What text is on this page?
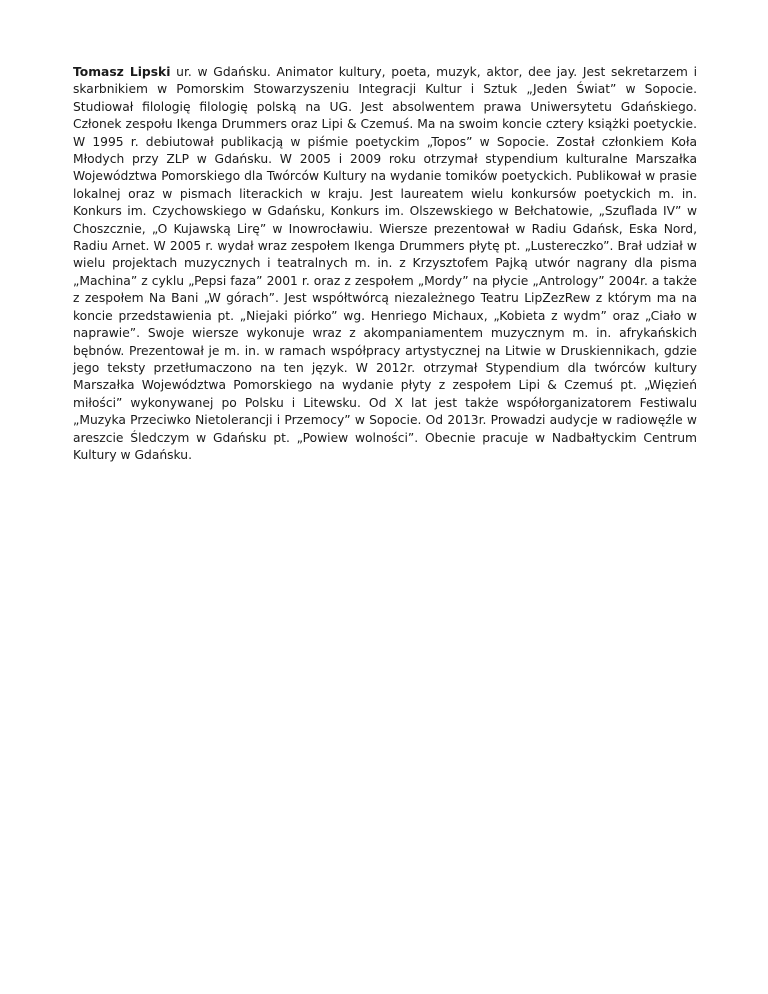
Tomasz Lipski ur. w Gdańsku. Animator kultury, poeta, muzyk, aktor, dee jay. Jest sekretarzem i skarbnikiem w Pomorskim Stowarzyszeniu Integracji Kultur i Sztuk „Jeden Świat” w Sopocie. Studiował filologię filologię polską na UG. Jest absolwentem prawa Uniwersytetu Gdańskiego. Członek zespołu Ikenga Drummers oraz Lipi & Czemuś. Ma na swoim koncie cztery książki poetyckie. W 1995 r. debiutował publikacją w piśmie poetyckim „Topos” w Sopocie. Został członkiem Koła Młodych przy ZLP w Gdańsku. W 2005 i 2009 roku otrzymał stypendium kulturalne Marszałka Województwa Pomorskiego dla Twórców Kultury na wydanie tomików poetyckich. Publikował w prasie lokalnej oraz w pismach literackich w kraju. Jest laureatem wielu konkursów poetyckich m. in. Konkurs im. Czychowskiego w Gdańsku, Konkurs im. Olszewskiego w Bełchatowie, „Szuflada IV” w Choszcznie, „O Kujawską Lirę” w Inowrocławiu. Wiersze prezentował w Radiu Gdańsk, Eska Nord, Radiu Arnet. W 2005 r. wydał wraz zespołem Ikenga Drummers płytę pt. „Lustereczko”. Brał udział w wielu projektach muzycznych i teatralnych m. in. z Krzysztofem Pajką utwór nagrany dla pisma „Machina” z cyklu „Pepsi faza” 2001 r. oraz z zespołem „Mordy” na płycie „Antrology” 2004r. a także z zespołem Na Bani „W górach”. Jest współtwórcą niezależnego Teatru LipZezRew z którym ma na koncie przedstawienia pt. „Niejaki piórko” wg. Henriego Michaux, „Kobieta z wydm” oraz „Ciało w naprawie”. Swoje wiersze wykonuje wraz z akompaniamentem muzycznym m. in. afrykańskich bębnów. Prezentował je m. in. w ramach współpracy artystycznej na Litwie w Druskiennikach, gdzie jego teksty przetłumaczono na ten język. W 2012r. otrzymał Stypendium dla twórców kultury Marszałka Województwa Pomorskiego na wydanie płyty z zespołem Lipi & Czemuś pt. „Więzień miłości” wykonywanej po Polsku i Litewsku. Od X lat jest także współorganizatorem Festiwalu „Muzyka Przeciwko Nietolerancji i Przemocy” w Sopocie. Od 2013r. Prowadzi audycje w radiowęźle w areszcie Śledczym w Gdańsku pt. „Powiew wolności”. Obecnie pracuje w Nadbałtyckim Centrum Kultury w Gdańsku.
